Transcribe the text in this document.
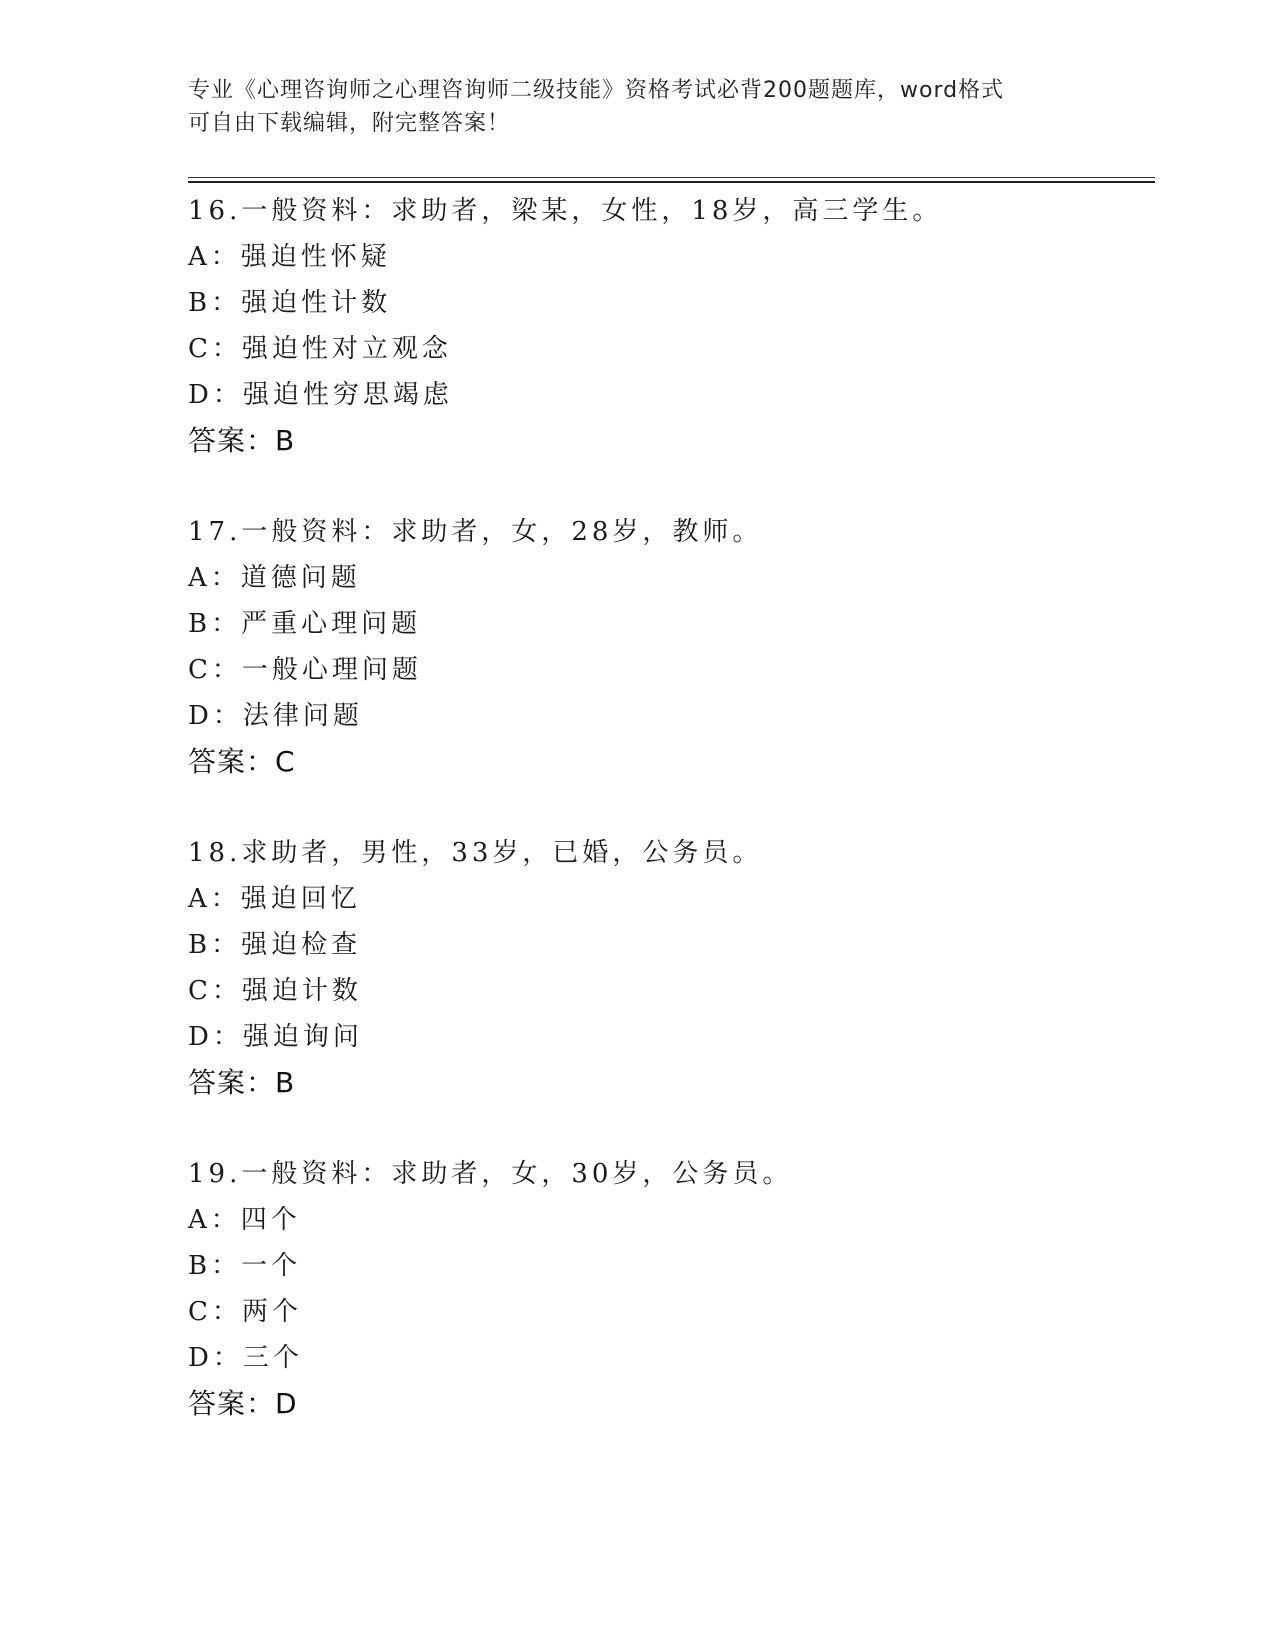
专业《心理咨询师之心理咨询师二级技能》资格考试必背200题题库，word格式
可自由下载编辑，附完整答案！
16.一般资料：求助者，梁某，女性，18岁，高三学生。
A：强迫性怀疑
B：强迫性计数
C：强迫性对立观念
D：强迫性穷思竭虑
答案：B
17.一般资料：求助者，女，28岁，教师。
A：道德问题
B：严重心理问题
C：一般心理问题
D：法律问题
答案：C
18.求助者，男性，33岁，已婚，公务员。
A：强迫回忆
B：强迫检查
C：强迫计数
D：强迫询问
答案：B
19.一般资料：求助者，女，30岁，公务员。
A：四个
B：一个
C：两个
D：三个
答案：D
